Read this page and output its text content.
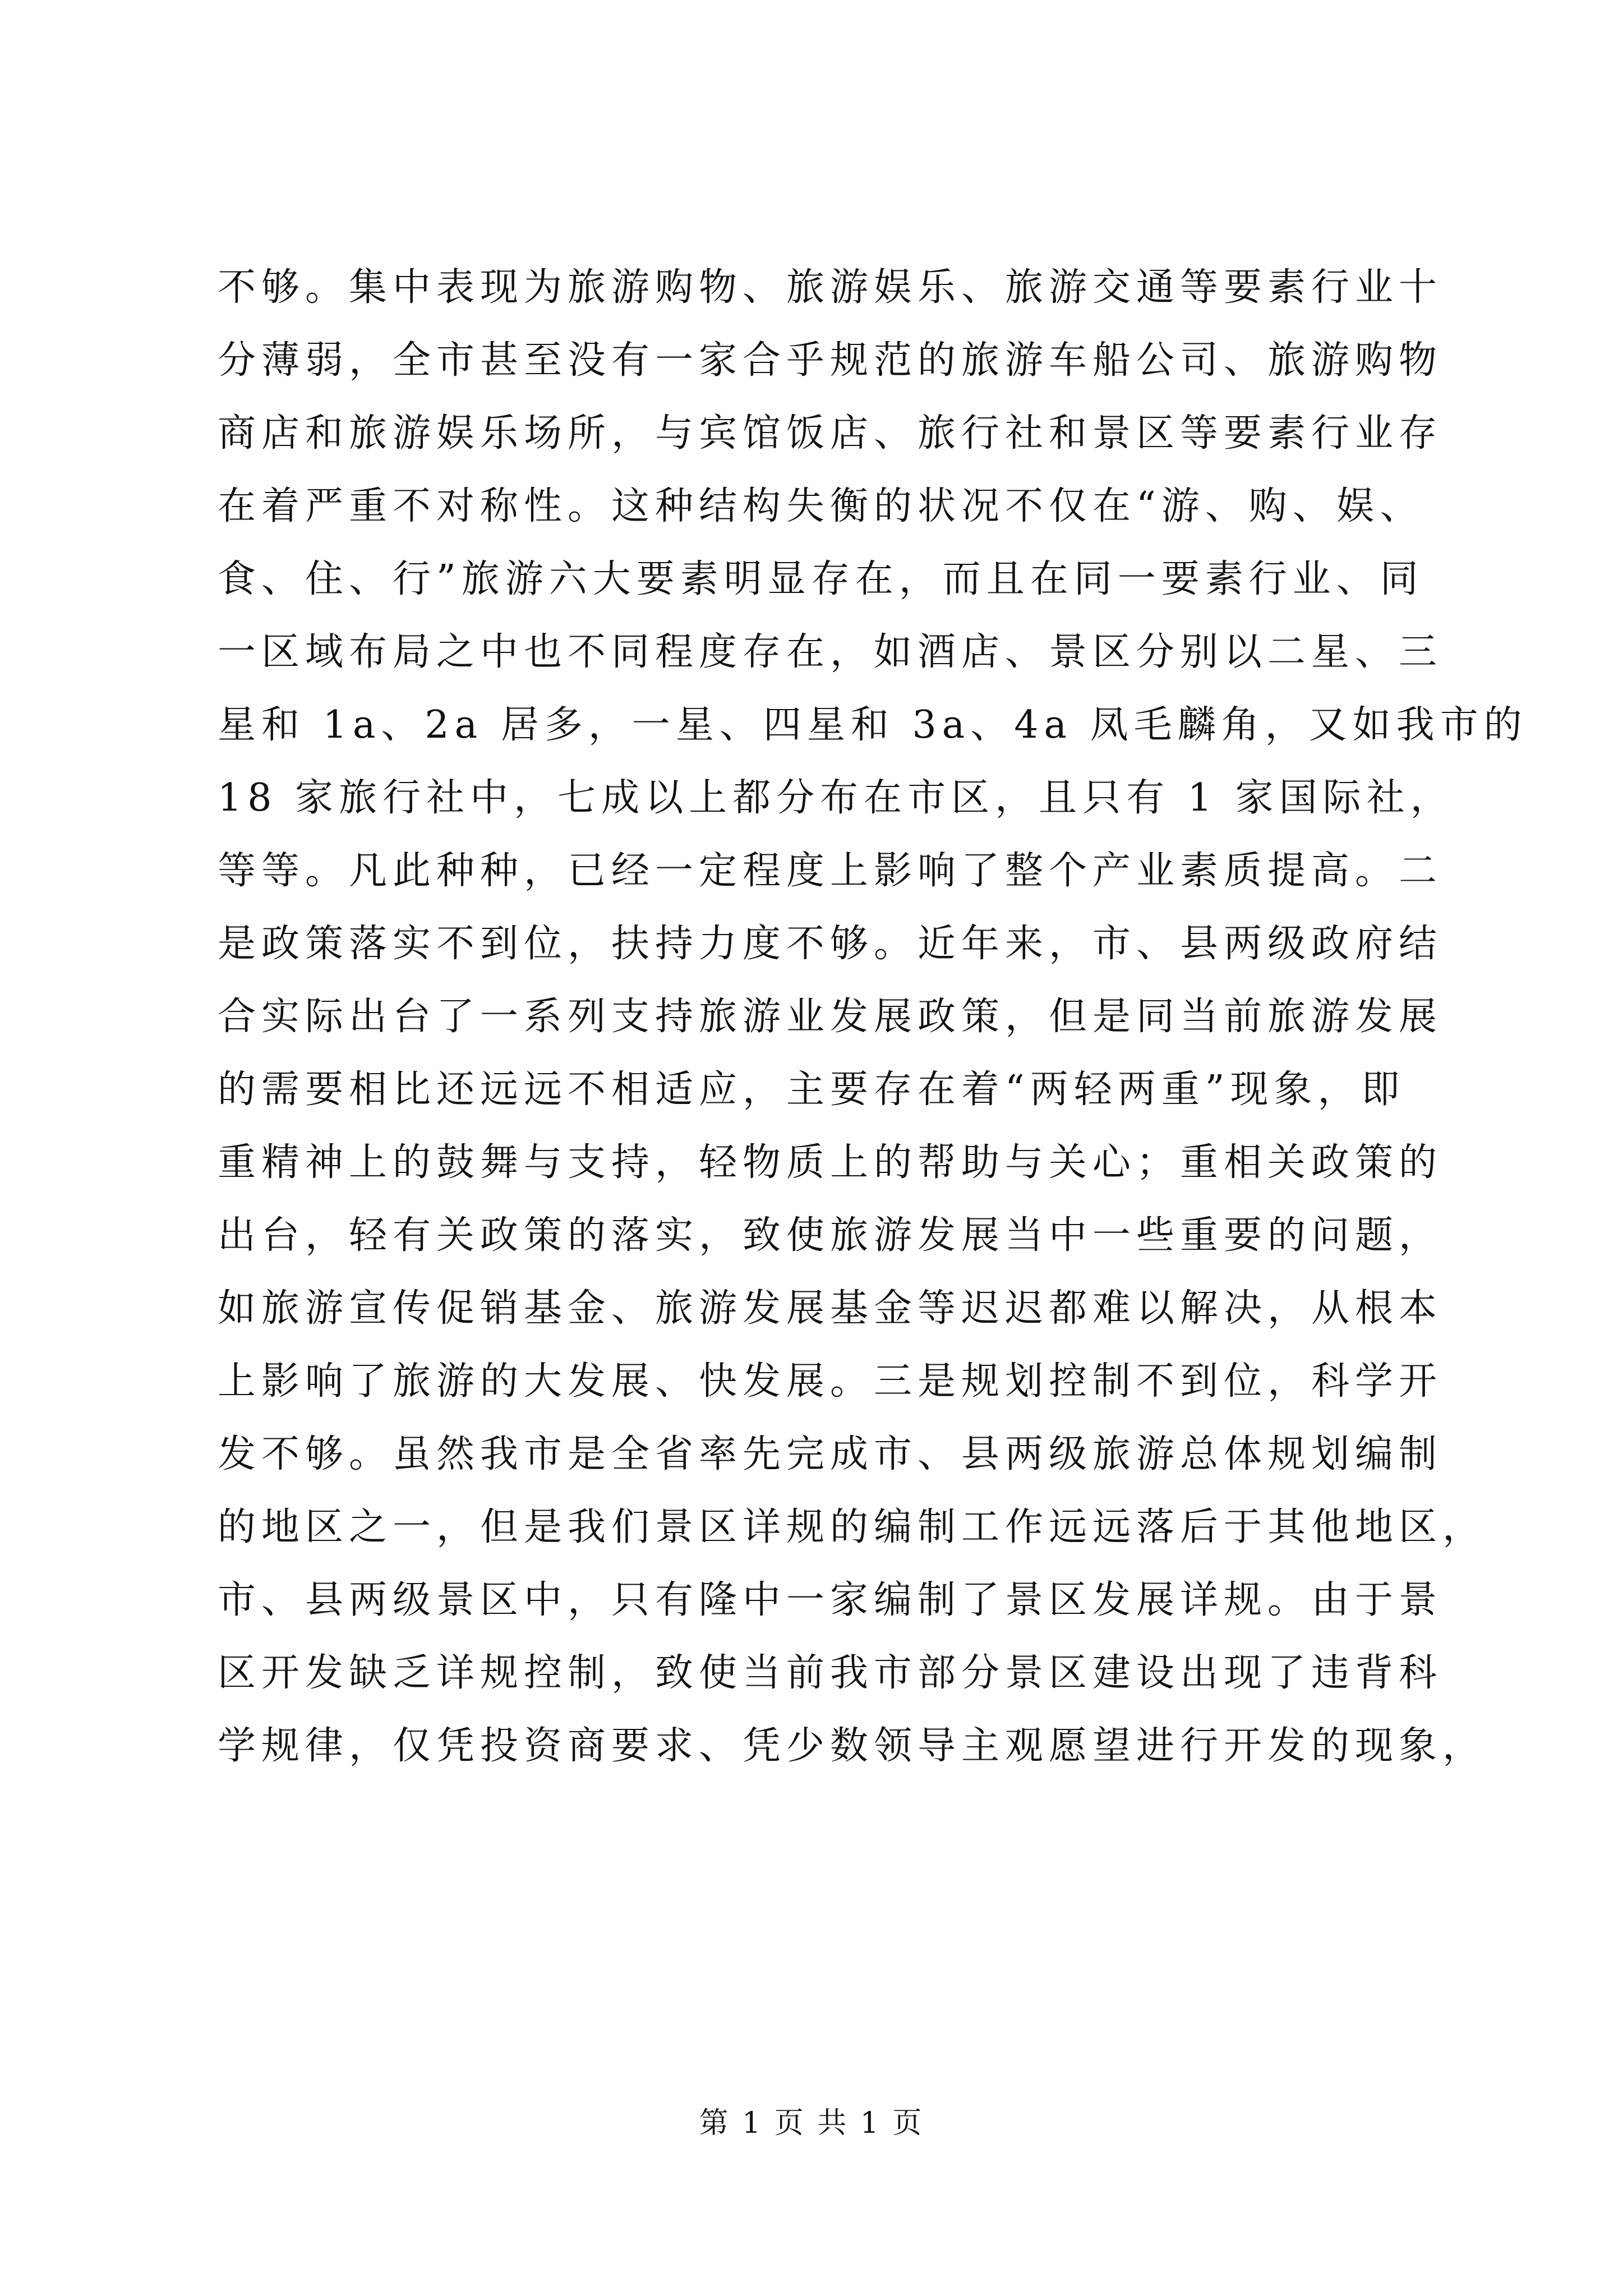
不够。集中表现为旅游购物、旅游娱乐、旅游交通等要素行业十
分薄弱，全市甚至没有一家合乎规范的旅游车船公司、旅游购物
商店和旅游娱乐场所，与宾馆饭店、旅行社和景区等要素行业存
在着严重不对称性。这种结构失衡的状况不仅在“游、购、娱、
食、住、行”旅游六大要素明显存在，而且在同一要素行业、同
一区域布局之中也不同程度存在，如酒店、景区分别以二星、三
星和 1a、2a 居多，一星、四星和 3a、4a 凤毛麟角，又如我市的
18 家旅行社中，七成以上都分布在市区，且只有 1 家国际社，
等等。凡此种种，已经一定程度上影响了整个产业素质提高。二
是政策落实不到位，扶持力度不够。近年来，市、县两级政府结
合实际出台了一系列支持旅游业发展政策，但是同当前旅游发展
的需要相比还远远不相适应，主要存在着“两轻两重”现象，即
重精神上的鼓舞与支持，轻物质上的帮助与关心；重相关政策的
出台，轻有关政策的落实，致使旅游发展当中一些重要的问题，
如旅游宣传促销基金、旅游发展基金等迟迟都难以解决，从根本
上影响了旅游的大发展、快发展。三是规划控制不到位，科学开
发不够。虽然我市是全省率先完成市、县两级旅游总体规划编制
的地区之一，但是我们景区详规的编制工作远远落后于其他地区，
市、县两级景区中，只有隆中一家编制了景区发展详规。由于景
区开发缺乏详规控制，致使当前我市部分景区建设出现了违背科
学规律，仅凭投资商要求、凭少数领导主观愿望进行开发的现象，
第 1 页 共 1 页
